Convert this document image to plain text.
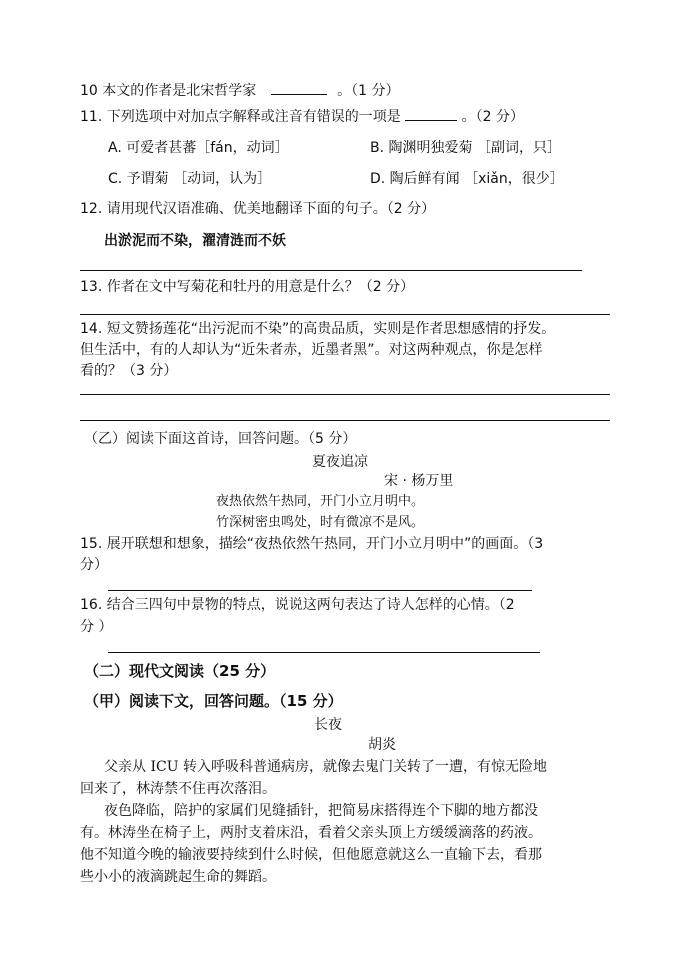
10 本文的作者是北宋哲学家	。（1 分）
11. 下列选项中对加点字解释或注音有错误的一项是	。（2 分）
A. 可爱者甚蕃［fán，动词］	B. 陶渊明独爱菊 ［副词，只］
C. 予谓菊 ［动词，认为］	D. 陶后鲜有闻 ［xiǎn，很少］
12. 请用现代汉语准确、优美地翻译下面的句子。（2 分）
出淤泥而不染，濯清涟而不妖
13. 作者在文中写菊花和牡丹的用意是什么？（2 分）
14. 短文赞扬莲花“出污泥而不染”的高贵品质，实则是作者思想感情的抒发。
但生活中，有的人却认为“近朱者赤，近墨者黑”。对这两种观点，你是怎样
看的？（3 分）
（乙）阅读下面这首诗，回答问题。（5 分）
夏夜追凉
宋 · 杨万里
夜热依然午热同，开门小立月明中。
竹深树密虫鸣处，时有微凉不是风。
15. 展开联想和想象，描绘“夜热依然午热同，开门小立月明中”的画面。（3
分）
16. 结合三四句中景物的特点，说说这两句表达了诗人怎样的心情。（2
分 ）
（二）现代文阅读（25 分）
（甲）阅读下文，回答问题。（15 分）
长夜
胡炎
父亲从 ICU 转入呼吸科普通病房，就像去鬼门关转了一遭，有惊无险地
回来了，林涛禁不住再次落泪。
夜色降临，陪护的家属们见缝插针，把简易床搭得连个下脚的地方都没
有。林涛坐在椅子上，两肘支着床沿，看着父亲头顶上方缓缓滴落的药液。
他不知道今晚的输液要持续到什么时候，但他愿意就这么一直输下去，看那
些小小的液滴跳起生命的舞蹈。
